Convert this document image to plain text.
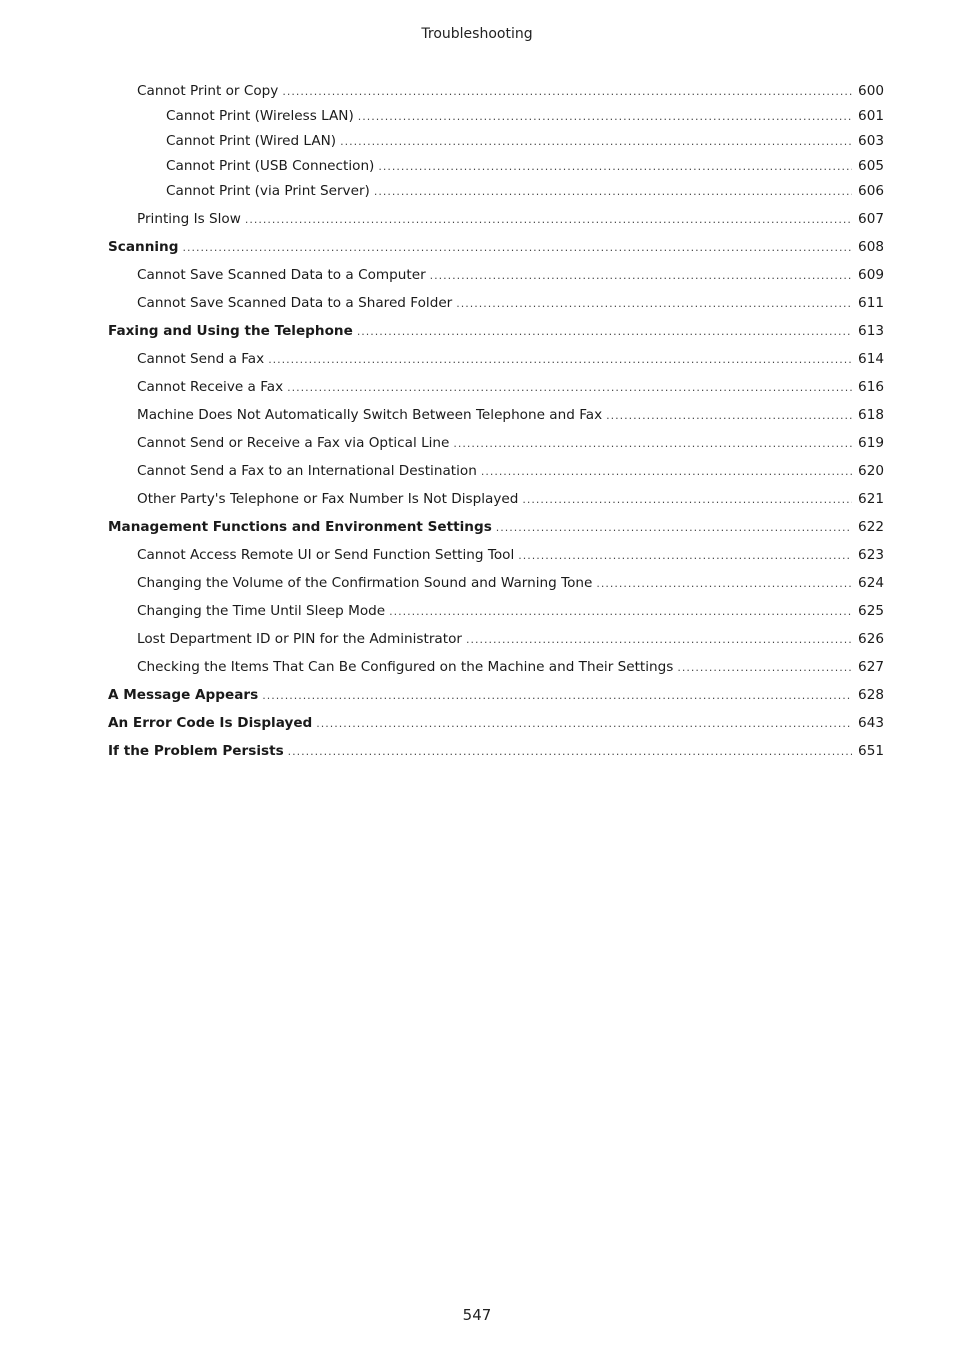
Troubleshooting
Cannot Print or Copy .....	600
Cannot Print (Wireless LAN) .....	601
Cannot Print (Wired LAN) .....	603
Cannot Print (USB Connection) .....	605
Cannot Print (via Print Server) .....	606
Printing Is Slow .....	607
Scanning .....	608
Cannot Save Scanned Data to a Computer .....	609
Cannot Save Scanned Data to a Shared Folder .....	611
Faxing and Using the Telephone .....	613
Cannot Send a Fax .....	614
Cannot Receive a Fax .....	616
Machine Does Not Automatically Switch Between Telephone and Fax .....	618
Cannot Send or Receive a Fax via Optical Line .....	619
Cannot Send a Fax to an International Destination .....	620
Other Party's Telephone or Fax Number Is Not Displayed .....	621
Management Functions and Environment Settings .....	622
Cannot Access Remote UI or Send Function Setting Tool .....	623
Changing the Volume of the Confirmation Sound and Warning Tone .....	624
Changing the Time Until Sleep Mode .....	625
Lost Department ID or PIN for the Administrator .....	626
Checking the Items That Can Be Configured on the Machine and Their Settings .....	627
A Message Appears .....	628
An Error Code Is Displayed .....	643
If the Problem Persists .....	651
547
